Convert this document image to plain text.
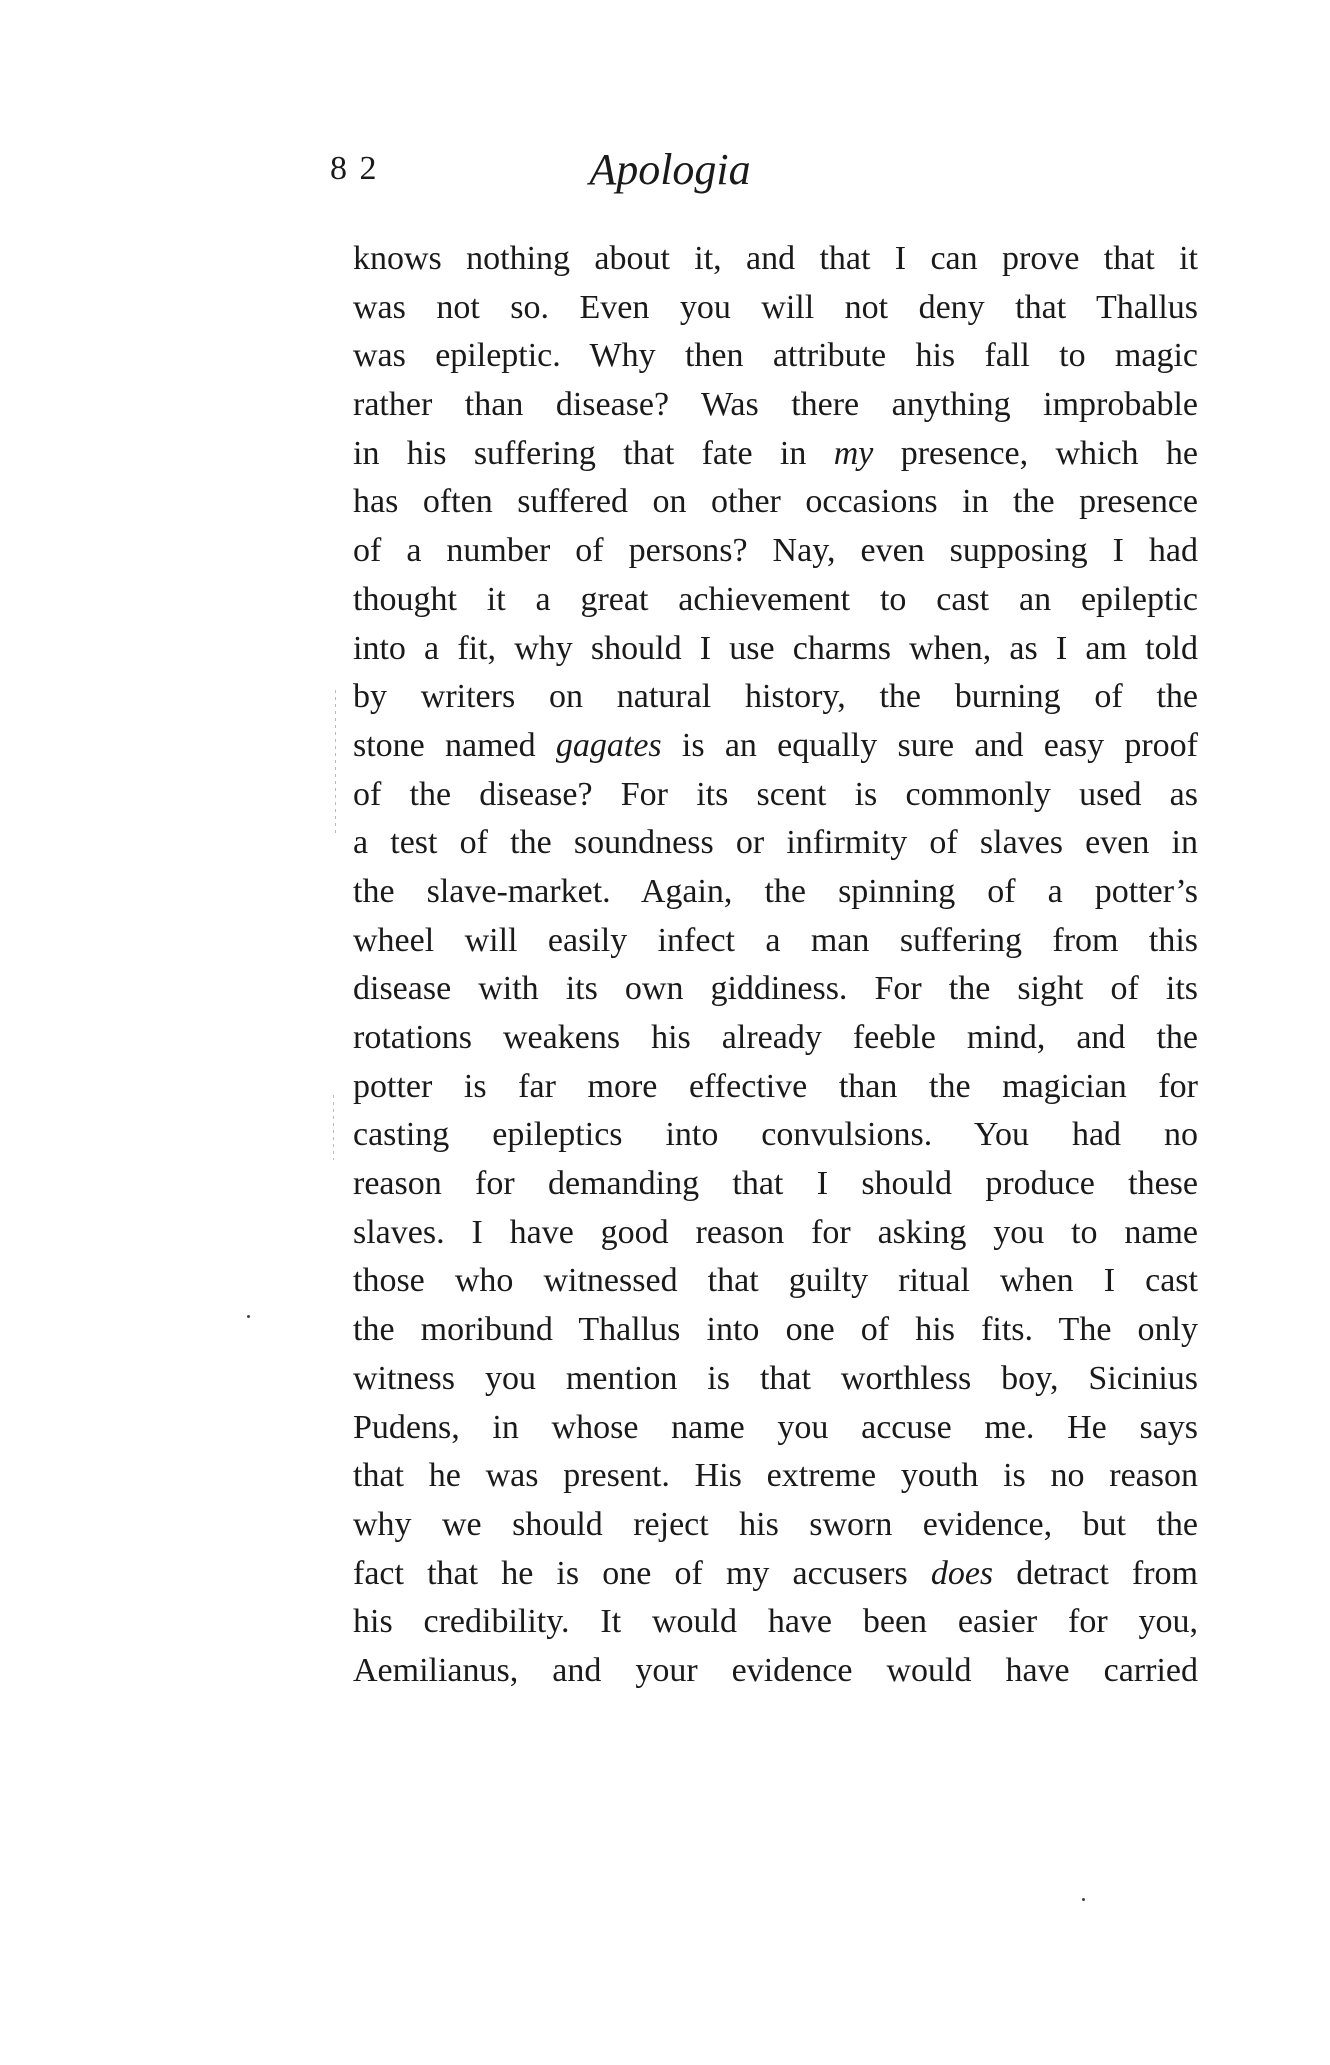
8 2	Apologia
knows nothing about it, and that I can prove that it
was not so. Even you will not deny that Thallus
was epileptic. Why then attribute his fall to magic
rather than disease? Was there anything improbable
in his suffering that fate in my presence, which he
has often suffered on other occasions in the presence
of a number of persons? Nay, even supposing I had
thought it a great achievement to cast an epileptic
into a fit, why should I use charms when, as I am told
by writers on natural history, the burning of the
stone named gagates is an equally sure and easy proof
of the disease? For its scent is commonly used as
a test of the soundness or infirmity of slaves even in
the slave-market. Again, the spinning of a potter’s
wheel will easily infect a man suffering from this
disease with its own giddiness. For the sight of its
rotations weakens his already feeble mind, and the
potter is far more effective than the magician for
casting epileptics into convulsions. You had no
reason for demanding that I should produce these
slaves. I have good reason for asking you to name
those who witnessed that guilty ritual when I cast
the moribund Thallus into one of his fits. The only
witness you mention is that worthless boy, Sicinius
Pudens, in whose name you accuse me. He says
that he was present. His extreme youth is no reason
why we should reject his sworn evidence, but the
fact that he is one of my accusers does detract from
his credibility. It would have been easier for you,
Aemilianus, and your evidence would have carried
